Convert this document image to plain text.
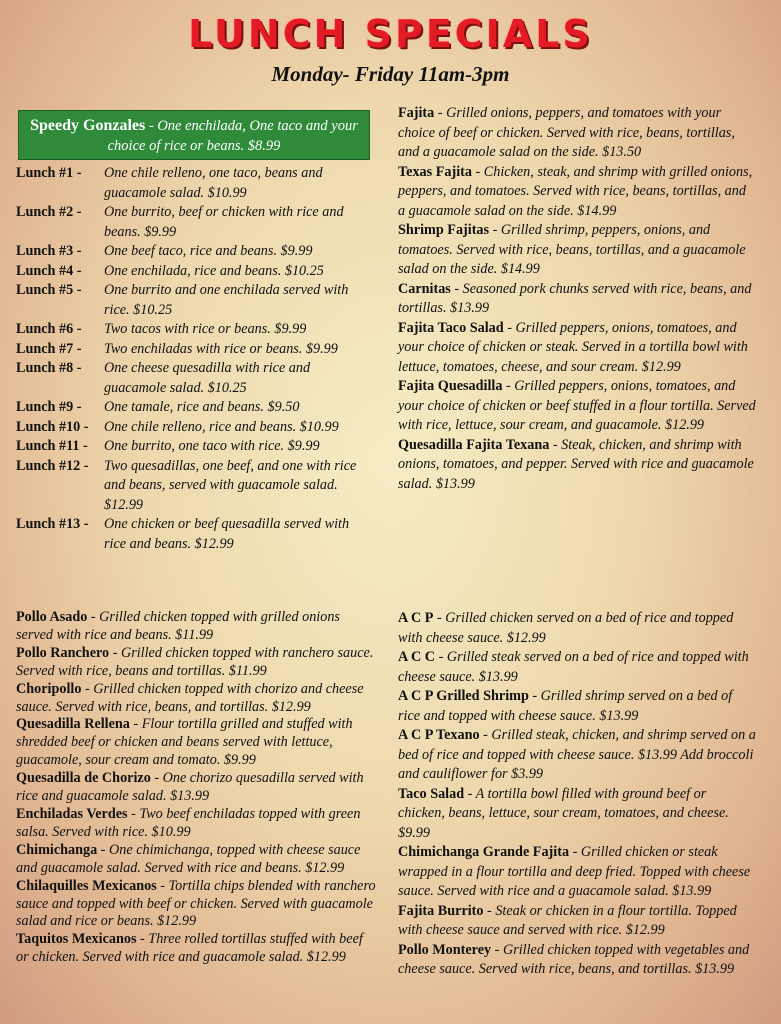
LUNCH SPECIALS
Monday- Friday 11am-3pm
Speedy Gonzales - One enchilada, One taco and your choice of rice or beans. $8.99
Lunch #1 -	One chile relleno, one taco, beans and guacamole salad. $10.99
Lunch #2 -	One burrito, beef or chicken with rice and beans. $9.99
Lunch #3 -	One beef taco, rice and beans. $9.99
Lunch #4 -	One enchilada, rice and beans. $10.25
Lunch #5 -	One burrito and one enchilada served with rice. $10.25
Lunch #6 -	Two tacos with rice or beans. $9.99
Lunch #7 -	Two enchiladas with rice or beans. $9.99
Lunch #8 -	One cheese quesadilla with rice and guacamole salad. $10.25
Lunch #9 -	One tamale, rice and beans. $9.50
Lunch #10 -	One chile relleno, rice and beans. $10.99
Lunch #11 -	One burrito, one taco with rice. $9.99
Lunch #12 -	Two quesadillas, one beef, and one with rice and beans, served with guacamole salad. $12.99
Lunch #13 -	One chicken or beef quesadilla served with rice and beans. $12.99
Fajita - Grilled onions, peppers, and tomatoes with your choice of beef or chicken. Served with rice, beans, tortillas, and a guacamole salad on the side. $13.50
Texas Fajita - Chicken, steak, and shrimp with grilled onions, peppers, and tomatoes. Served with rice, beans, tortillas, and a guacamole salad on the side. $14.99
Shrimp Fajitas - Grilled shrimp, peppers, onions, and tomatoes. Served with rice, beans, tortillas, and a guacamole salad on the side. $14.99
Carnitas - Seasoned pork chunks served with rice, beans, and tortillas. $13.99
Fajita Taco Salad - Grilled peppers, onions, tomatoes, and your choice of chicken or steak. Served in a tortilla bowl with lettuce, tomatoes, cheese, and sour cream. $12.99
Fajita Quesadilla - Grilled peppers, onions, tomatoes, and your choice of chicken or beef stuffed in a flour tortilla. Served with rice, lettuce, sour cream, and guacamole. $12.99
Quesadilla Fajita Texana - Steak, chicken, and shrimp with onions, tomatoes, and pepper. Served with rice and guacamole salad. $13.99
Pollo Asado - Grilled chicken topped with grilled onions served with rice and beans. $11.99
Pollo Ranchero - Grilled chicken topped with ranchero sauce. Served with rice, beans and tortillas. $11.99
Choripollo - Grilled chicken topped with chorizo and cheese sauce. Served with rice, beans, and tortillas. $12.99
Quesadilla Rellena - Flour tortilla grilled and stuffed with shredded beef or chicken and beans served with lettuce, guacamole, sour cream and tomato. $9.99
Quesadilla de Chorizo - One chorizo quesadilla served with rice and guacamole salad. $13.99
Enchiladas Verdes - Two beef enchiladas topped with green salsa. Served with rice. $10.99
Chimichanga - One chimichanga, topped with cheese sauce and guacamole salad. Served with rice and beans. $12.99
Chilaquilles Mexicanos - Tortilla chips blended with ranchero sauce and topped with beef or chicken. Served with guacamole salad and rice or beans. $12.99
Taquitos Mexicanos - Three rolled tortillas stuffed with beef or chicken. Served with rice and guacamole salad. $12.99
A C P - Grilled chicken served on a bed of rice and topped with cheese sauce. $12.99
A C C - Grilled steak served on a bed of rice and topped with cheese sauce. $13.99
A C P Grilled Shrimp - Grilled shrimp served on a bed of rice and topped with cheese sauce. $13.99
A C P Texano - Grilled steak, chicken, and shrimp served on a bed of rice and topped with cheese sauce. $13.99 Add broccoli and cauliflower for $3.99
Taco Salad - A tortilla bowl filled with ground beef or chicken, beans, lettuce, sour cream, tomatoes, and cheese. $9.99
Chimichanga Grande Fajita - Grilled chicken or steak wrapped in a flour tortilla and deep fried. Topped with cheese sauce. Served with rice and a guacamole salad. $13.99
Fajita Burrito - Steak or chicken in a flour tortilla. Topped with cheese sauce and served with rice. $12.99
Pollo Monterey - Grilled chicken topped with vegetables and cheese sauce. Served with rice, beans, and tortillas. $13.99
